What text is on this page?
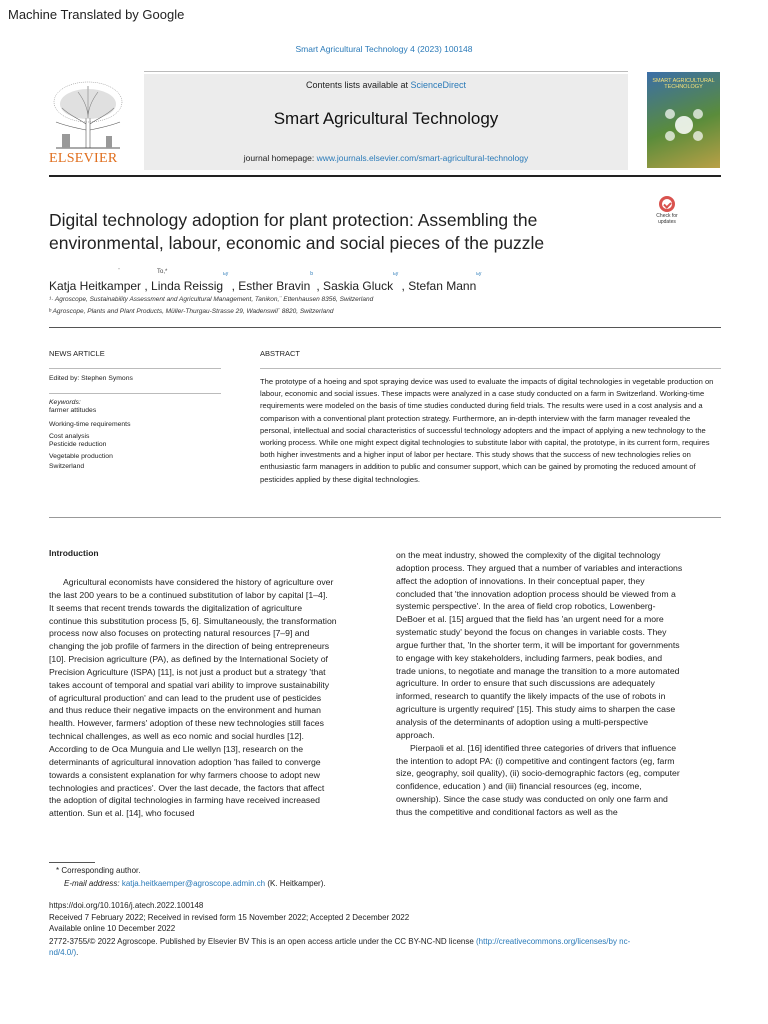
Machine Translated by Google
Smart Agricultural Technology 4 (2023) 100148
ELSEVIER
Contents lists available at ScienceDirect
Smart Agricultural Technology
journal homepage: www.journals.elsevier.com/smart-agricultural-technology
SMART AGRICULTURAL TECHNOLOGY
Check for
updates
Digital technology adoption for plant protection: Assembling the
environmental, labour, economic and social pieces of the puzzle
¨	To,*
Katja Heitkamper , Linda Reissig$^{ьу}$ , Esther Bravin$^b$ , Saskia Gluck$^{ьу}$ , Stefan Mann$^{ьу}$
¹· Agroscope, Sustainability Assessment and Agricultural Management, Tanikon,¨ Ettenhausen 8356, Switzerland
ᵇ Agroscope, Plants and Plant Products, Müller-Thurgau-Strasse 29, Wadenswil¨ 8820, Switzerland
NEWS ARTICLE
Edited by: Stephen Symons
Keywords:
farmer attitudes
Working-time requirements
Cost analysis
Pesticide reduction
Vegetable production
Switzerland
ABSTRACT
The prototype of a hoeing and spot spraying device was used to evaluate the impacts of digital technologies in vegetable production on labour, economic and social issues. These impacts were analyzed in a case study conducted on a farm in Switzerland. Working-time requirements were modeled on the basis of time studies conducted during field trials. The results were used in a cost analysis and a comparison with a conventional plant protection strategy. Furthermore, an in-depth interview with the farm manager revealed the personal, intellectual and social characteristics of successful technology adopters and the impact of applying a new technology to the working process. While one might expect digital technologies to substitute labor with capital, the prototype, in its current form, requires both higher investments and a higher input of labor per hectare. This study shows that the success of new technologies relies on enthusiastic farm managers in addition to public and consumer support, which can be gained by promoting the reduced amount of pesticides applied by these digital technologies.
Introduction

Agricultural economists have considered the history of agriculture over

the last 200 years to be a continued substitution of labor by capital [1–4].
It seems that recent trends towards the digitalization of agriculture
continue this substitution process [5, 6]. Simultaneously, the transformation
process now also focuses on protecting natural resources [7–9] and
changing the job profile of farmers in the direction of being entrepreneurs
[10]. Precision agriculture (PA), as defined by the International Society of
Precision Agriculture (ISPA) [11], is not just a product but a strategy 'that
takes account of temporal and spatial vari ability to improve sustainability
of agricultural production' and can lead to the prudent use of pesticides
and thus reduce their negative impacts on the environment and human
health. However, farmers' adoption of these new technologies still faces
technical challenges, as well as eco nomic and social hurdles [12].
According to de Oca Munguia and Lle wellyn [13], research on the
determinants of agricultural innovation adoption 'has failed to converge
towards a consistent explanation for why farmers choose to adopt new
technologies and practices'. Over the last decade, the factors that affect
the adoption of digital technologies in farming have received increased
attention. Sun et al. [14], who focused
on the meat industry, showed the complexity of the digital technology
adoption process. They argued that a number of variables and interactions
affect the adoption of innovations. In their conceptual paper, they
concluded that 'the innovation adoption process should be viewed from a
systemic perspective'. In the area of field crop robotics, Lowenberg-
DeBoer et al. [15] argued that the field has 'an urgent need for a more
systematic study' beyond the focus on changes in variable costs. They
argue further that, 'In the shorter term, it will be important for governments
to engage with key stakeholders, including farmers, peak bodies, and
trade unions, to negotiate and manage the transition to a more automated
agriculture. In order to ensure that such discussions are adequately
informed, research to quantify the likely impacts of the use of robots in
agriculture is urgently required' [15]. This study aims to sharpen the case
analysis of the determinants of adoption using a multi-perspective
approach.

Pierpaoli et al. [16] identified three categories of drivers that influence

the intention to adopt PA: (i) competitive and contingent factors (eg, farm
size, geography, soil quality), (ii) socio-demographic factors (eg, computer
confidence, education ) and (iii) financial resources (eg, income,
ownership). Since the case study was conducted on only one farm and
thus the competitive and conditional factors as well as the
* Corresponding author.
E-mail address: katja.heitkaemper@agroscope.admin.ch (K. Heitkamper).
https://doi.org/10.1016/j.atech.2022.100148
Received 7 February 2022; Received in revised form 15 November 2022; Accepted 2 December 2022
Available online 10 December 2022
2772-3755/© 2022 Agroscope. Published by Elsevier BV This is an open access article under the CC BY-NC-ND license (http://creativecommons.org/licenses/by nc-
nd/4.0/).
